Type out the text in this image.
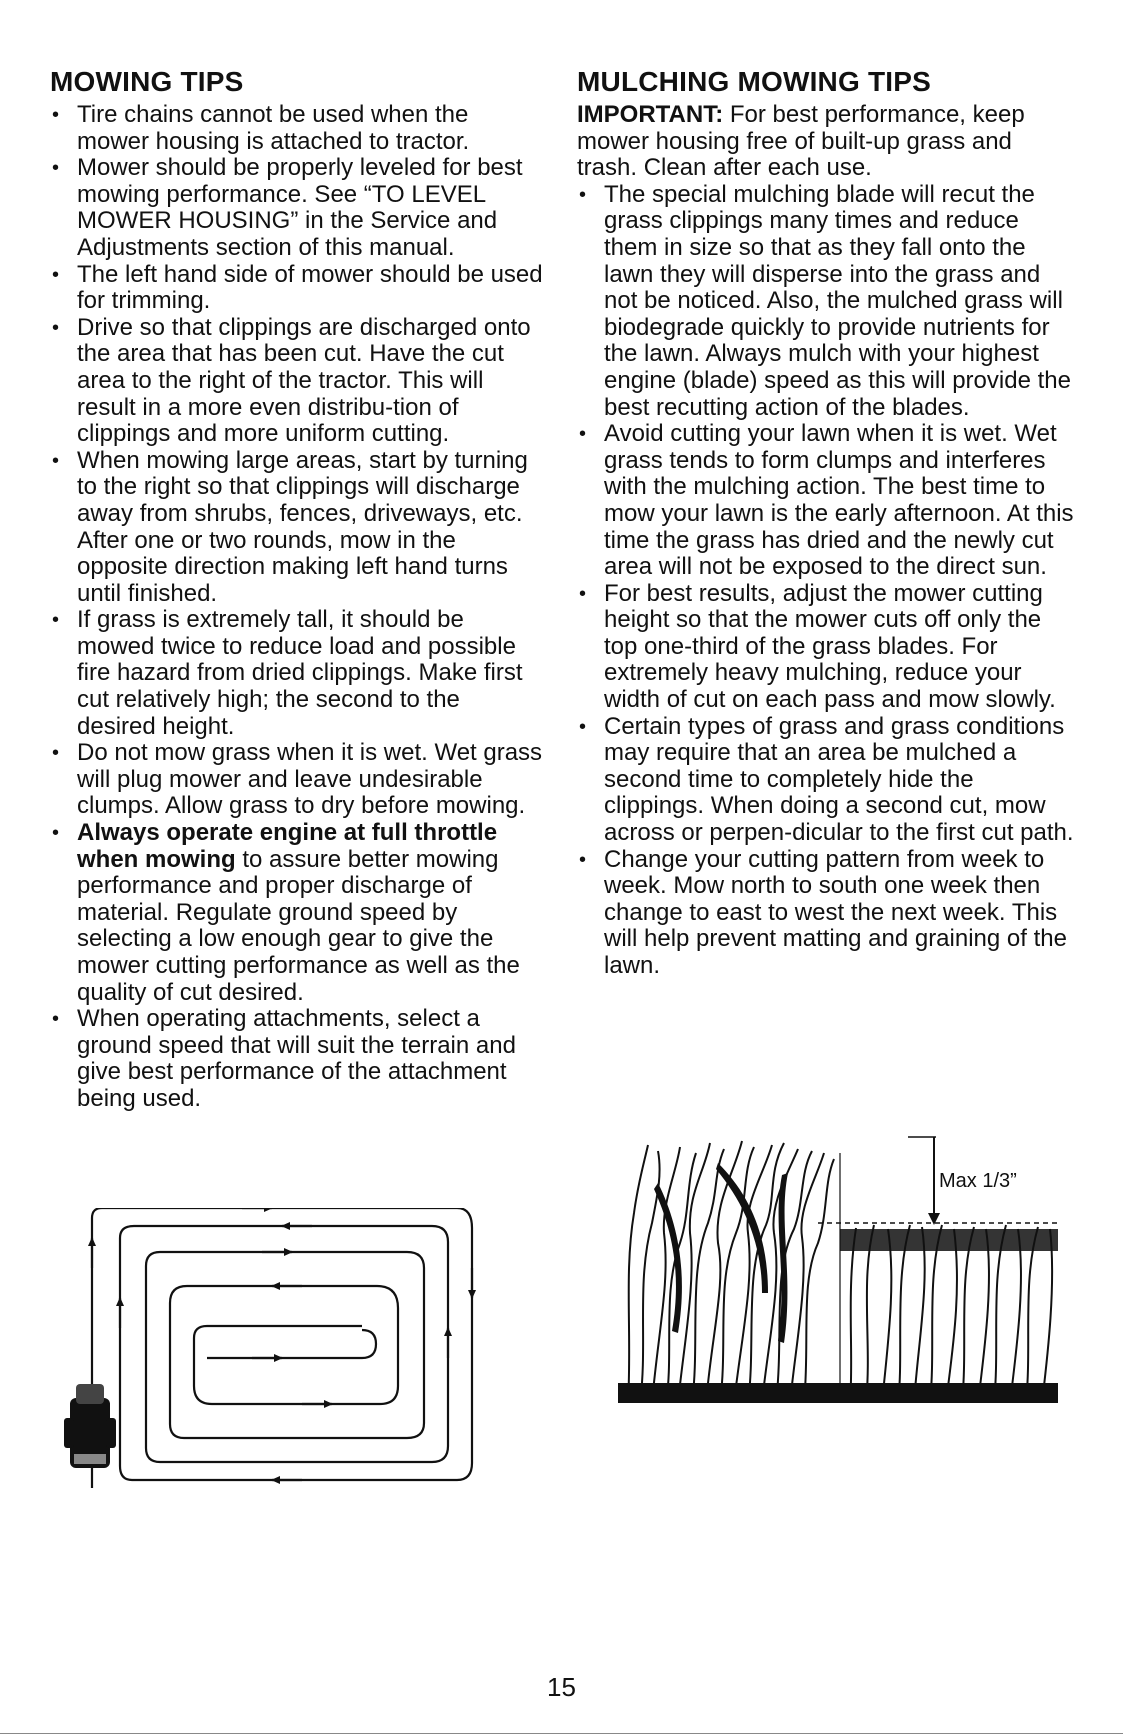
MOWING TIPS
• Tire chains cannot be used when the mower housing is attached to tractor.
• Mower should be properly leveled for best mowing performance. See “TO LEVEL MOWER HOUSING” in the Service and Adjustments section of this manual.
• The left hand side of mower should be used for trimming.
• Drive so that clippings are discharged onto the area that has been cut. Have the cut area to the right of the tractor. This will result in a more even distribu-tion of clippings and more uniform cutting.
• When mowing large areas, start by turning to the right so that clippings will discharge away from shrubs, fences, driveways, etc. After one or two rounds, mow in the opposite direction making left hand turns until finished.
• If grass is extremely tall, it should be mowed twice to reduce load and possible fire hazard from dried clippings. Make first cut relatively high; the second to the desired height.
• Do not mow grass when it is wet. Wet grass will plug mower and leave undesirable clumps. Allow grass to dry before mowing.
• Always operate engine at full throttle when mowing to assure better mowing performance and proper discharge of material. Regulate ground speed by selecting a low enough gear to give the mower cutting performance as well as the quality of cut desired.
• When operating attachments, select a ground speed that will suit the terrain and give best performance of the attachment being used.
MULCHING MOWING TIPS

IMPORTANT: For best performance, keep mower housing free of built-up grass and trash. Clean after each use.

• The special mulching blade will recut the grass clippings many times and reduce them in size so that as they fall onto the lawn they will disperse into the grass and not be noticed. Also, the mulched grass will biodegrade quickly to provide nutrients for the lawn. Always mulch with your highest engine (blade) speed as this will provide the best recutting action of the blades.
• Avoid cutting your lawn when it is wet. Wet grass tends to form clumps and interferes with the mulching action. The best time to mow your lawn is the early afternoon. At this time the grass has dried and the newly cut area will not be exposed to the direct sun.
• For best results, adjust the mower cutting height so that the mower cuts off only the top one-third of the grass blades. For extremely heavy mulching, reduce your width of cut on each pass and mow slowly.
• Certain types of grass and grass conditions may require that an area be mulched a second time to completely hide the clippings. When doing a second cut, mow across or perpen-dicular to the first cut path.
• Change your cutting pattern from week to week. Mow north to south one week then change to east to west the next week. This will help prevent matting and graining of the lawn.
Max 1/3”
15
